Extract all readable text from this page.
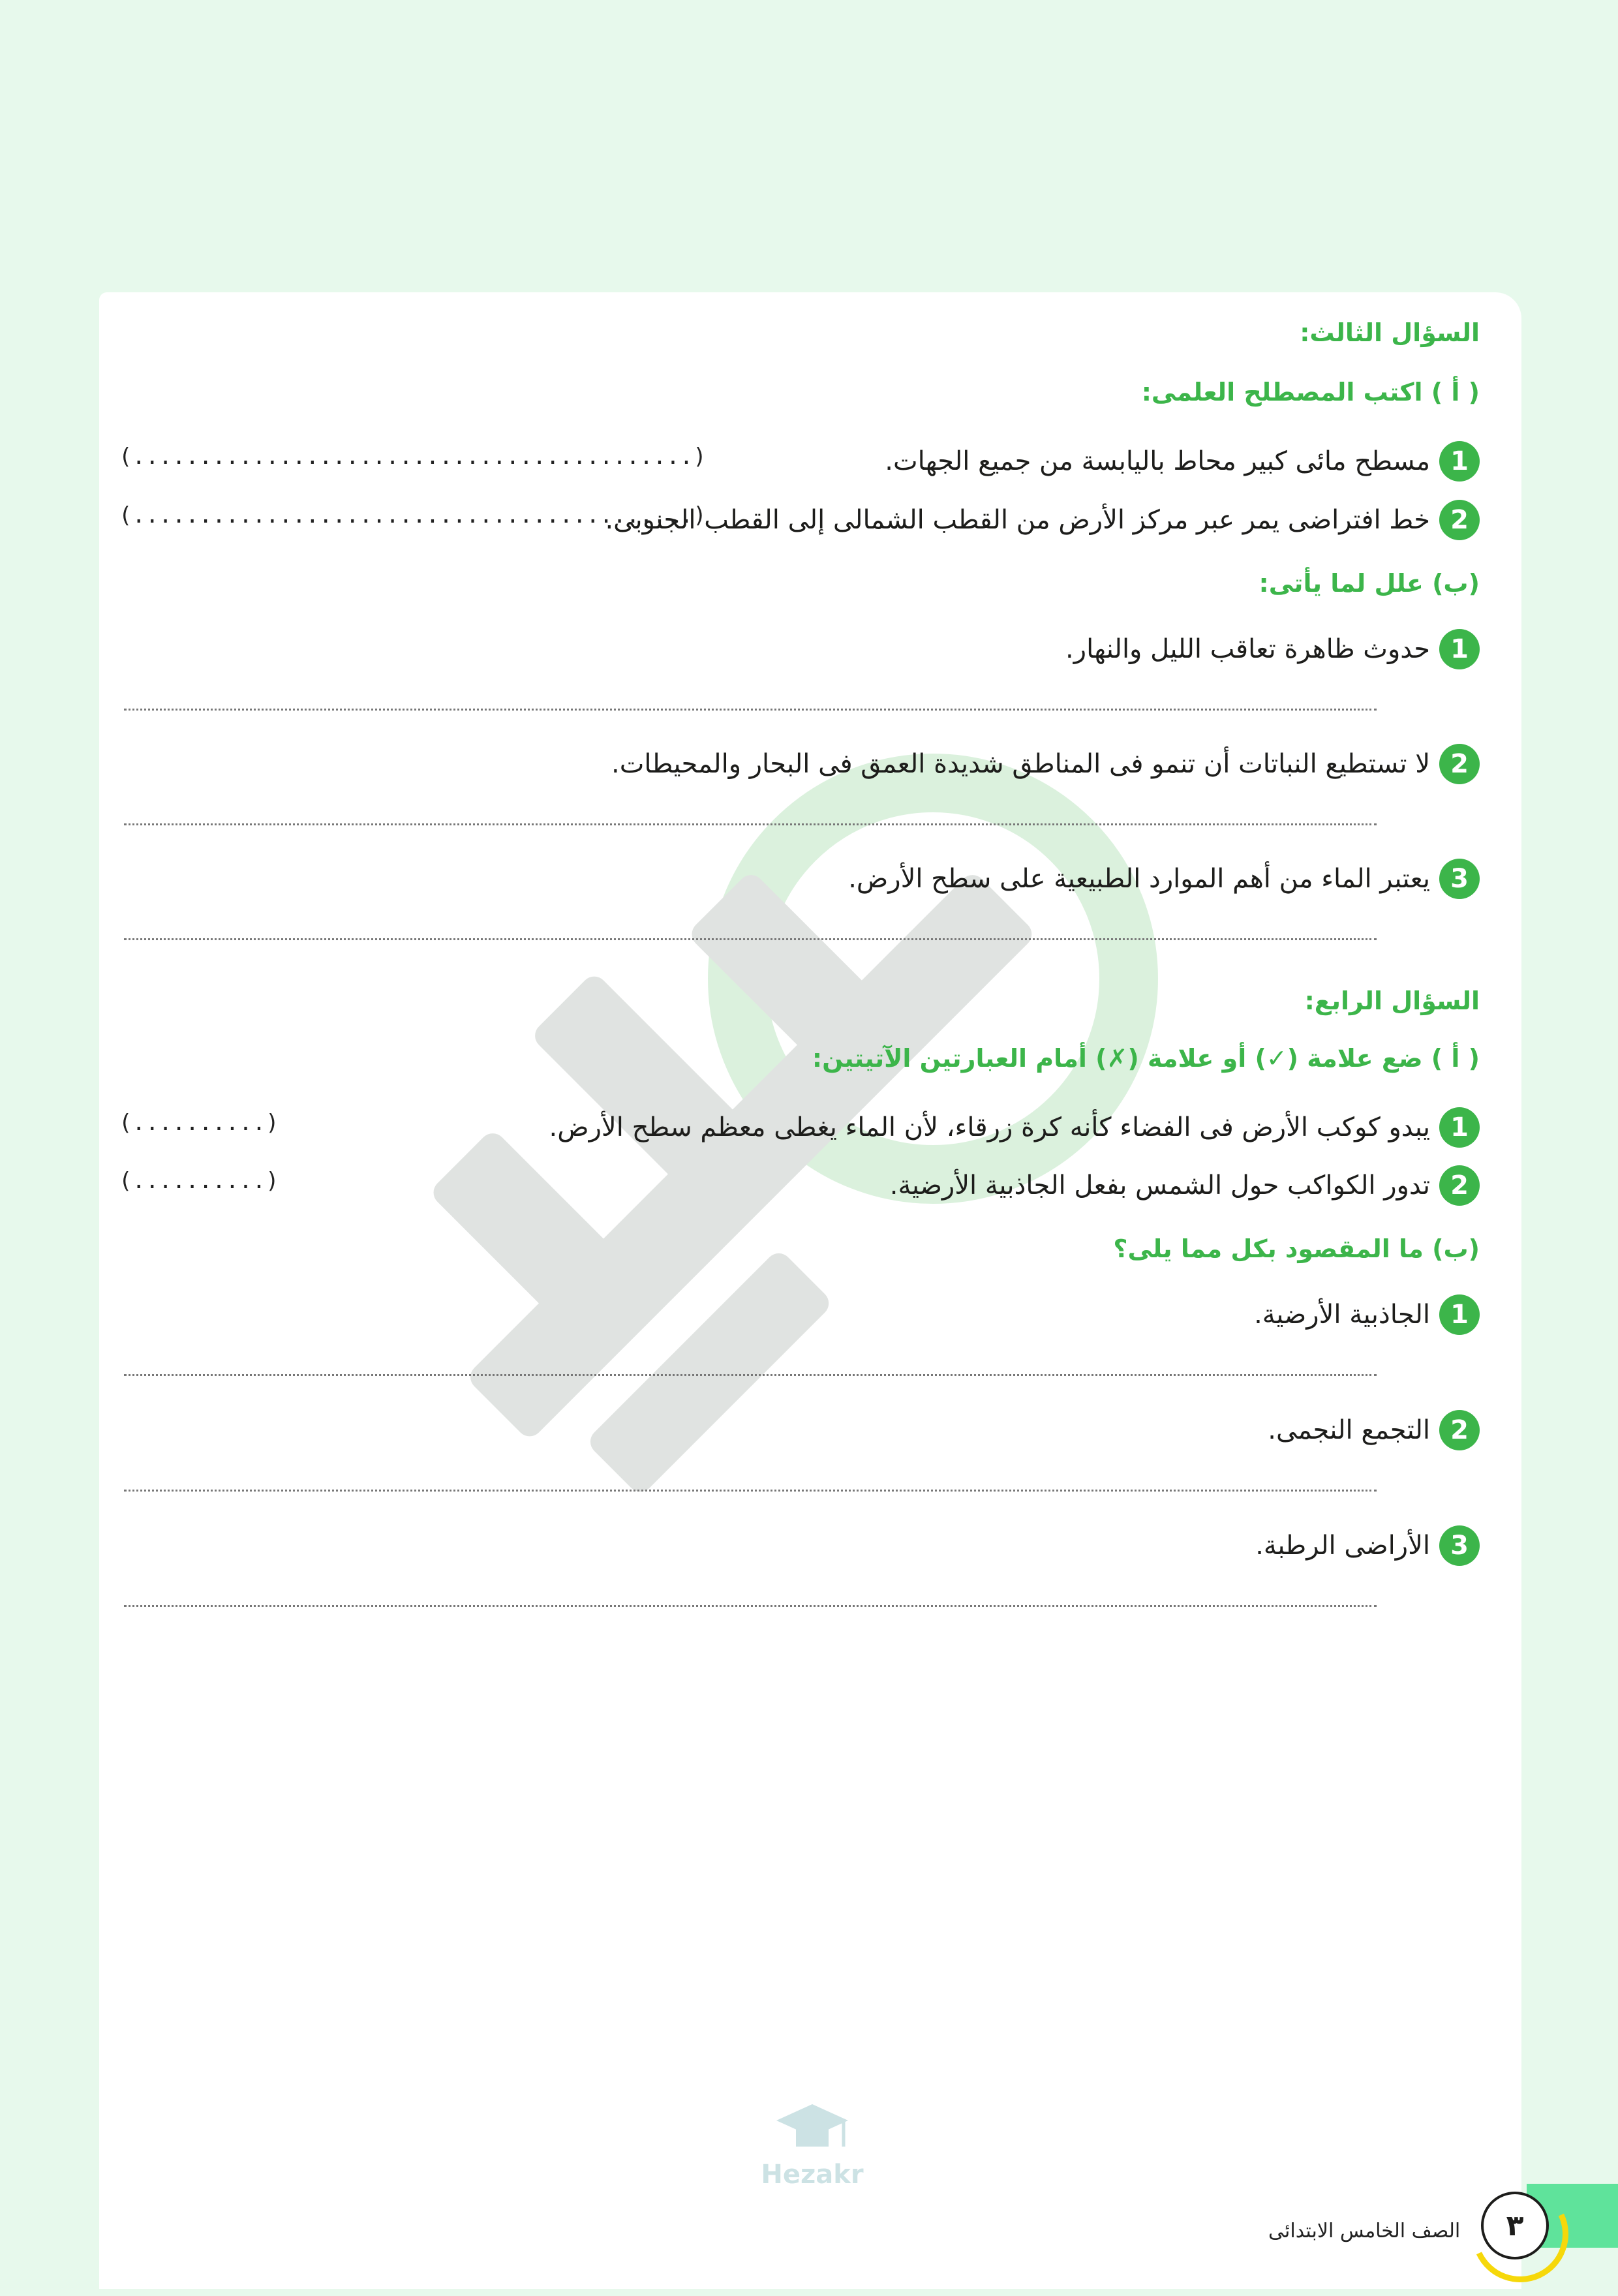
السؤال الثالث:

( أ ) اكتب المصطلح العلمى:

1
مسطح مائى كبير محاط باليابسة من جميع الجهات.
(..........................................)
2
خط افتراضى يمر عبر مركز الأرض من القطب الشمالى إلى القطب الجنوبى.
(..........................................)

(ب) علل لما يأتى:

1
حدوث ظاهرة تعاقب الليل والنهار.
2
لا تستطيع النباتات أن تنمو فى المناطق شديدة العمق فى البحار والمحيطات.
3
يعتبر الماء من أهم الموارد الطبيعية على سطح الأرض.

السؤال الرابع:

( أ ) ضع علامة (✓) أو علامة (✗) أمام العبارتين الآتيتين:

1
يبدو كوكب الأرض فى الفضاء كأنه كرة زرقاء، لأن الماء يغطى معظم سطح الأرض.
(..........)
2
تدور الكواكب حول الشمس بفعل الجاذبية الأرضية.
(..........)

(ب) ما المقصود بكل مما يلى؟

1
الجاذبية الأرضية.
2
التجمع النجمى.
3
الأراضى الرطبة.
Hezakr
الصف الخامس الابتدائى	٣
